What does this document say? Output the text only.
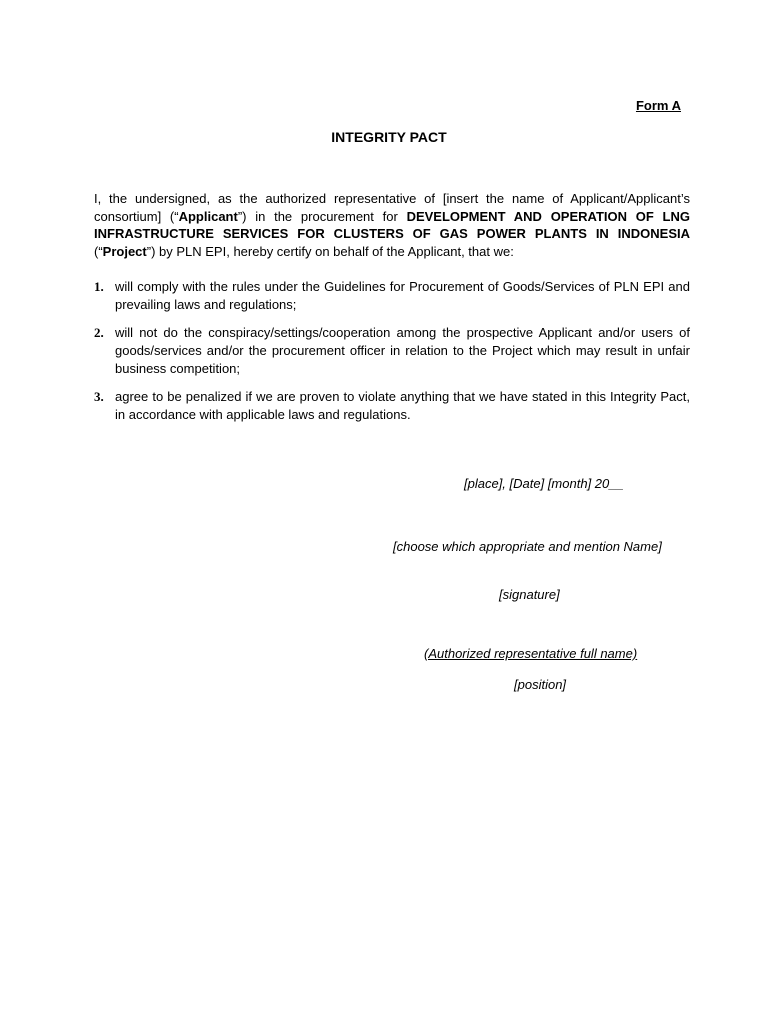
Form A
INTEGRITY PACT
I, the undersigned, as the authorized representative of [insert the name of Applicant/Applicant’s consortium] (“Applicant”) in the procurement for DEVELOPMENT AND OPERATION OF LNG INFRASTRUCTURE SERVICES FOR CLUSTERS OF GAS POWER PLANTS IN INDONESIA (“Project”) by PLN EPI, hereby certify on behalf of the Applicant, that we:
1. will comply with the rules under the Guidelines for Procurement of Goods/Services of PLN EPI and prevailing laws and regulations;
2. will not do the conspiracy/settings/cooperation among the prospective Applicant and/or users of goods/services and/or the procurement officer in relation to the Project which may result in unfair business competition;
3. agree to be penalized if we are proven to violate anything that we have stated in this Integrity Pact, in accordance with applicable laws and regulations.
[place], [Date] [month] 20__
[choose which appropriate and mention Name]
[signature]
(Authorized representative full name)
[position]
